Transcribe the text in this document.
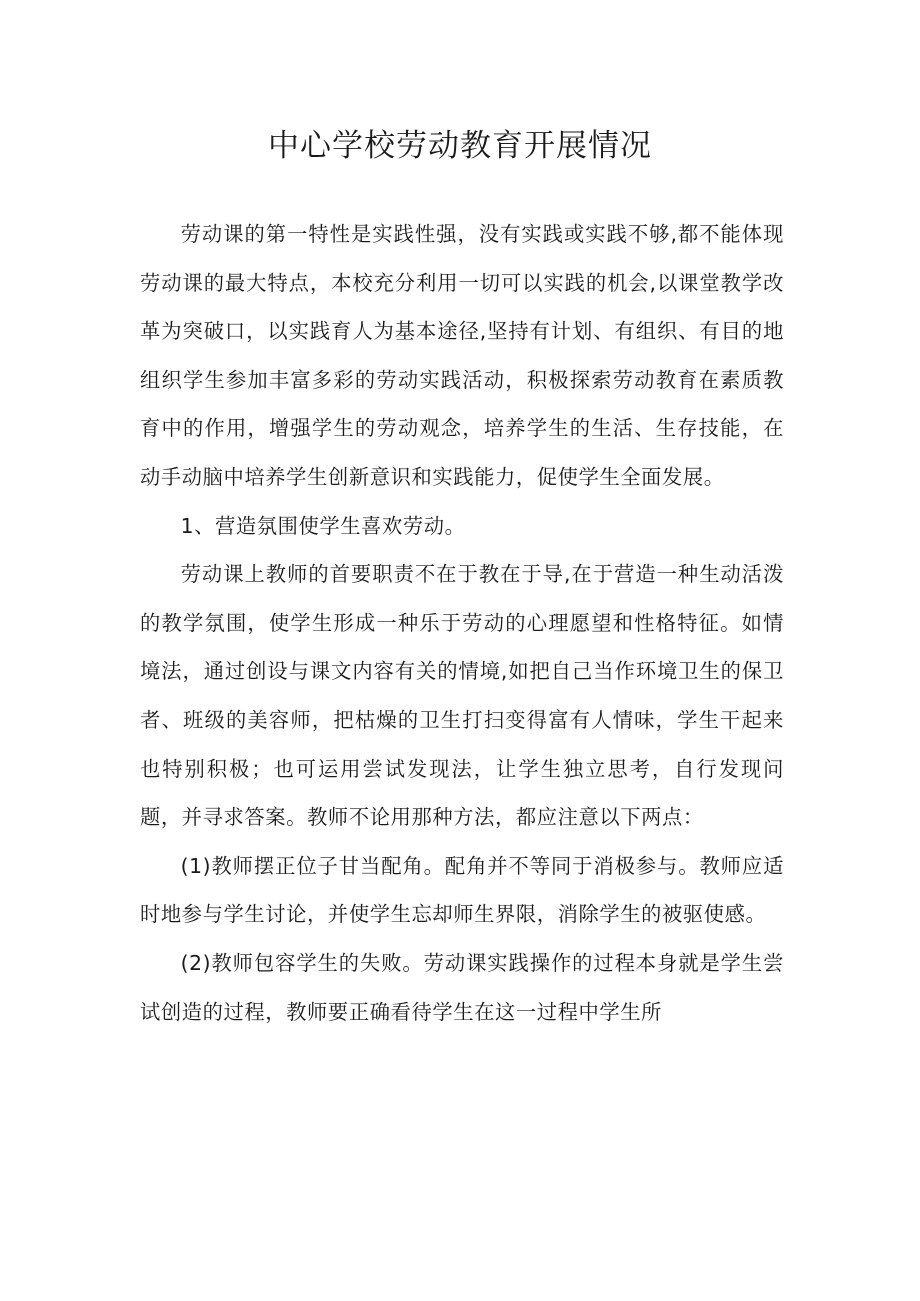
中心学校劳动教育开展情况

劳动课的第一特性是实践性强，没有实践或实践不够,都不能体现劳动课的最大特点，本校充分利用一切可以实践的机会,以课堂教学改革为突破口，以实践育人为基本途径,坚持有计划、有组织、有目的地组织学生参加丰富多彩的劳动实践活动，积极探索劳动教育在素质教育中的作用，增强学生的劳动观念，培养学生的生活、生存技能，在动手动脑中培养学生创新意识和实践能力，促使学生全面发展。

1、营造氛围使学生喜欢劳动。

劳动课上教师的首要职责不在于教在于导,在于营造一种生动活泼的教学氛围，使学生形成一种乐于劳动的心理愿望和性格特征。如情境法，通过创设与课文内容有关的情境,如把自己当作环境卫生的保卫者、班级的美容师，把枯燥的卫生打扫变得富有人情味，学生干起来也特别积极；也可运用尝试发现法，让学生独立思考，自行发现问题，并寻求答案。教师不论用那种方法，都应注意以下两点：

(1)教师摆正位子甘当配角。配角并不等同于消极参与。教师应适时地参与学生讨论，并使学生忘却师生界限，消除学生的被驱使感。

(2)教师包容学生的失败。劳动课实践操作的过程本身就是学生尝试创造的过程，教师要正确看待学生在这一过程中学生所
